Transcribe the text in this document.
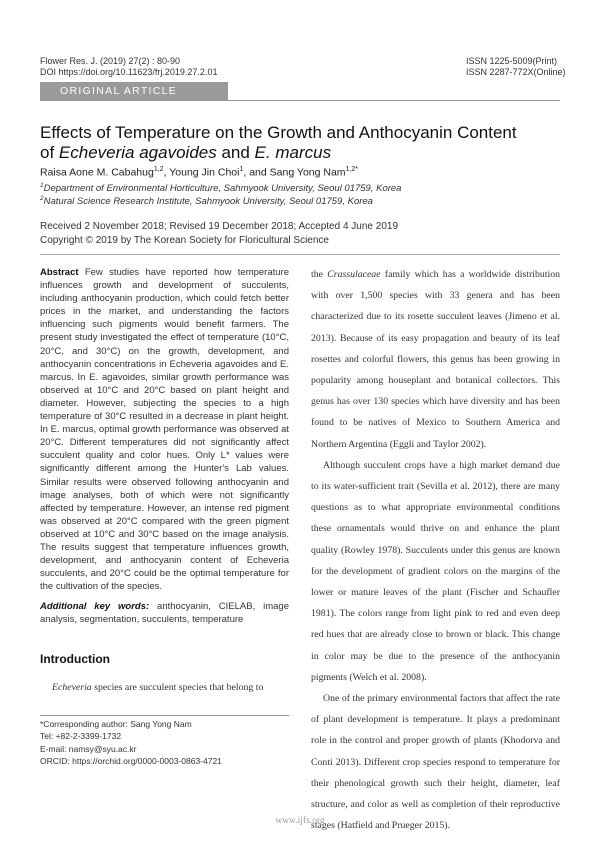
Flower Res. J. (2019) 27(2) : 80-90
DOI https://doi.org/10.11623/frj.2019.27.2.01
ISSN 1225-5009(Print)
ISSN 2287-772X(Online)
ORIGINAL ARTICLE
Effects of Temperature on the Growth and Anthocyanin Content
of Echeveria agavoides and E. marcus
Raisa Aone M. Cabahug$^{1,2}$, Young Jin Choi$^1$, and Sang Yong Nam$^{1,2*}$
$^1$Department of Environmental Horticulture, Sahmyook University, Seoul 01759, Korea
$^2$Natural Science Research Institute, Sahmyook University, Seoul 01759, Korea
Received 2 November 2018; Revised 19 December 2018; Accepted 4 June 2019
Copyright © 2019 by The Korean Society for Floricultural Science

Abstract Few studies have reported how temperature influences growth and development of succulents, including anthocyanin production, which could fetch better prices in the market, and understanding the factors influencing such pigments would benefit farmers. The present study investigated the effect of temperature (10°C, 20°C, and 30°C) on the growth, development, and anthocyanin concentrations in Echeveria agavoides and E. marcus. In E. agavoides, similar growth performance was observed at 10°C and 20°C based on plant height and diameter. However, subjecting the species to a high temperature of 30°C resulted in a decrease in plant height. In E. marcus, optimal growth performance was observed at 20°C. Different temperatures did not significantly affect succulent quality and color hues. Only L* values were significantly different among the Hunter's Lab values. Similar results were observed following anthocyanin and image analyses, both of which were not significantly affected by temperature. However, an intense red pigment was observed at 20°C compared with the green pigment observed at 10°C and 30°C based on the image analysis. The results suggest that temperature influences growth, development, and anthocyanin content of Echeveria succulents, and 20°C could be the optimal temperature for the cultivation of the species.

Additional key words: anthocyanin, CIELAB, image analysis, segmentation, succulents, temperature

Introduction

Echeveria species are succulent species that belong to

*Corresponding author: Sang Yong Nam
Tel: +82-2-3399-1732
E-mail: namsy@syu.ac.kr
ORCID: https://orchid.org/0000-0003-0863-4721

the Crassulaceae family which has a worldwide distribution with over 1,500 species with 33 genera and has been characterized due to its rosette succulent leaves (Jimeno et al. 2013). Because of its easy propagation and beauty of its leaf rosettes and colorful flowers, this genus has been growing in popularity among houseplant and botanical collectors. This genus has over 130 species which have diversity and has been found to be natives of Mexico to Southern America and Northern Argentina (Eggli and Taylor 2002).

Although succulent crops have a high market demand due to its water-sufficient trait (Sevilla et al. 2012), there are many questions as to what appropriate environmental conditions these ornamentals would thrive on and enhance the plant quality (Rowley 1978). Succulents under this genus are known for the development of gradient colors on the margins of the lower or mature leaves of the plant (Fischer and Schaufler 1981). The colors range from light pink to red and even deep red hues that are already close to brown or black. This change in color may be due to the presence of the anthocyanin pigments (Welch et al. 2008).

One of the primary environmental factors that affect the rate of plant development is temperature. It plays a predominant role in the control and proper growth of plants (Khodorva and Conti 2013). Different crop species respond to temperature for their phenological growth such their height, diameter, leaf structure, and color as well as completion of their reproductive stages (Hatfield and Prueger 2015).

www.ijfs.org
